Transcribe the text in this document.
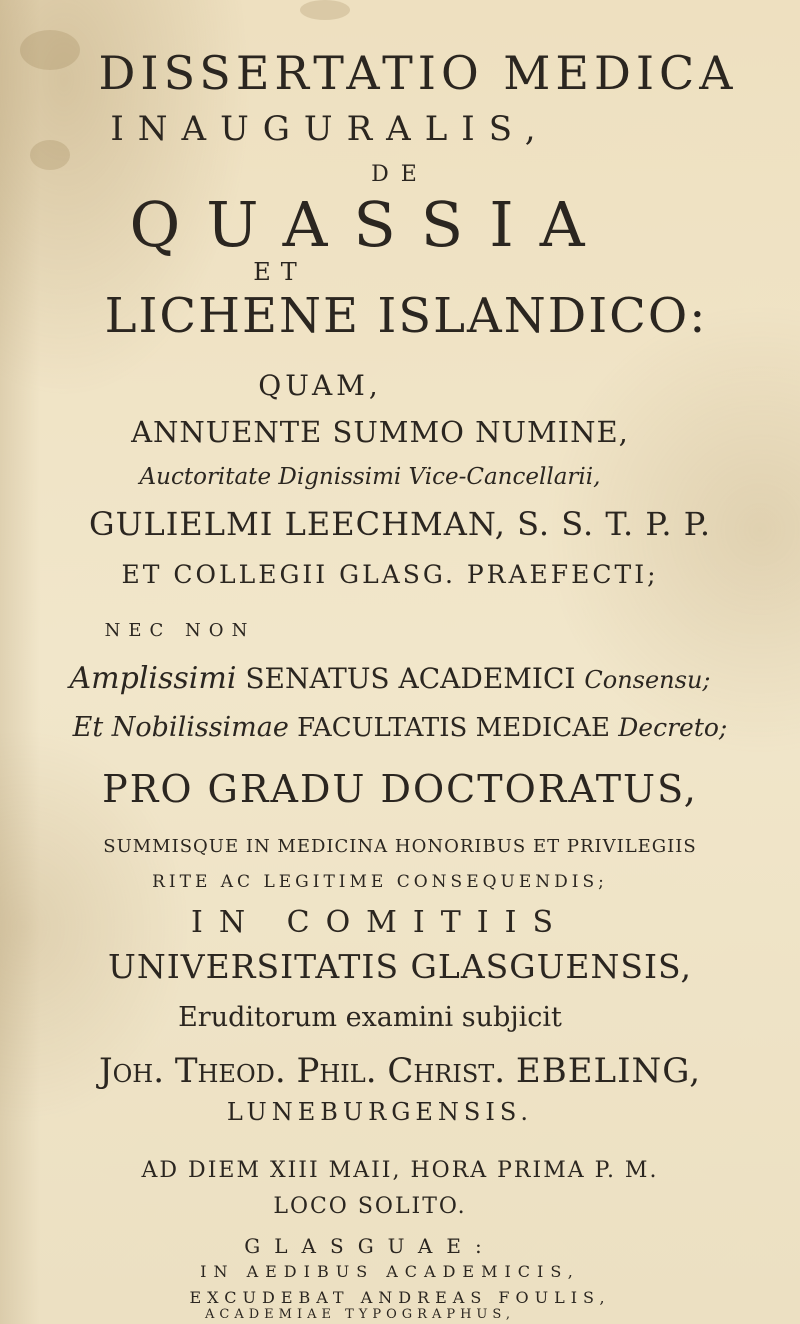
DISSERTATIO MEDICA
INAUGURALIS,
DE
QUASSIA
ET
LICHENE ISLANDICO:
QUAM,
ANNUENTE SUMMO NUMINE,
Auctoritate Dignissimi Vice-Cancellarii,
GULIELMI LEECHMAN, S. S. T. P. P.
ET COLLEGII GLASG. PRAEFECTI;
NEC NON
Amplissimi SENATUS ACADEMICI Consensu;
Et Nobilissimae FACULTATIS MEDICAE Decreto;
PRO GRADU DOCTORATUS,
SUMMISQUE IN MEDICINA HONORIBUS ET PRIVILEGIIS
RITE AC LEGITIME CONSEQUENDIS;
IN COMITIIS
UNIVERSITATIS GLASGUENSIS,
Eruditorum examini subjicit
Joh. Theod. Phil. Christ. EBELING,
LUNEBURGENSIS.
AD DIEM XIII MAII, HORA PRIMA P. M.
LOCO SOLITO.
GLASGUAE:
IN AEDIBUS ACADEMICIS,
EXCUDEBAT ANDREAS FOULIS,
ACADEMIAE TYPOGRAPHUS,
